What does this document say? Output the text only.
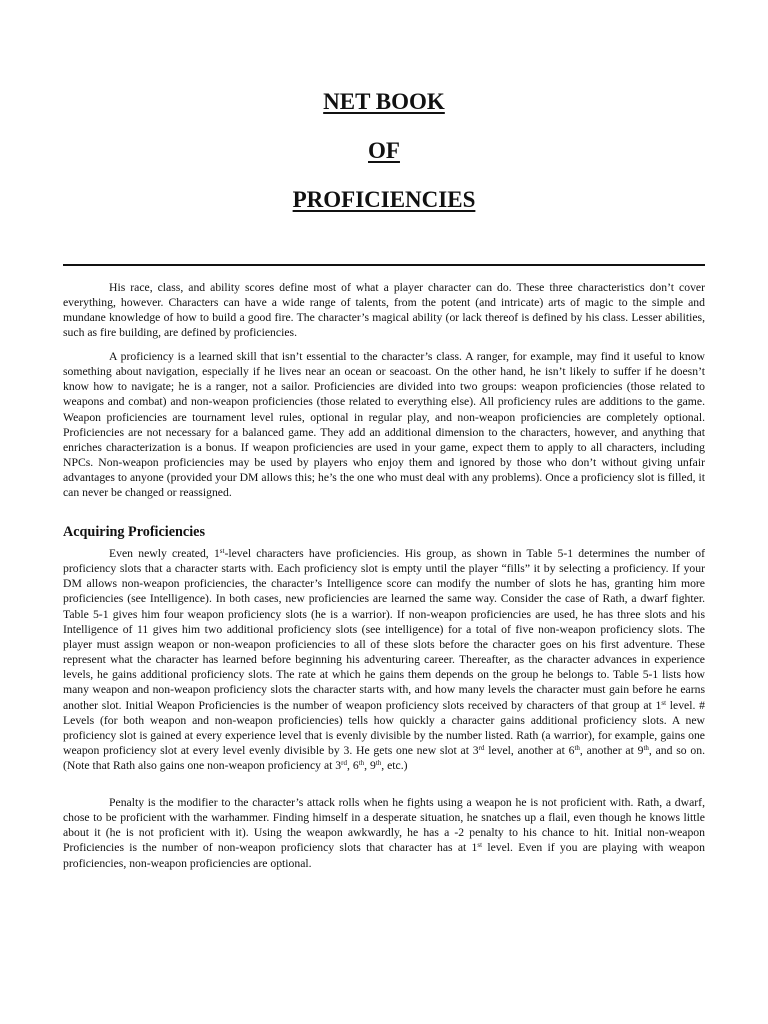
NET BOOK
OF
PROFICIENCIES

His race, class, and ability scores define most of what a player character can do. These three characteristics don’t cover everything, however. Characters can have a wide range of talents, from the potent (and intricate) arts of magic to the simple and mundane knowledge of how to build a good fire. The character’s magical ability (or lack thereof is defined by his class. Lesser abilities, such as fire building, are defined by proficiencies.

A proficiency is a learned skill that isn’t essential to the character’s class. A ranger, for example, may find it useful to know something about navigation, especially if he lives near an ocean or seacoast. On the other hand, he isn’t likely to suffer if he doesn’t know how to navigate; he is a ranger, not a sailor. Proficiencies are divided into two groups: weapon proficiencies (those related to weapons and combat) and non-weapon proficiencies (those related to everything else). All proficiency rules are additions to the game. Weapon proficiencies are tournament level rules, optional in regular play, and non-weapon proficiencies are completely optional. Proficiencies are not necessary for a balanced game. They add an additional dimension to the characters, however, and anything that enriches characterization is a bonus. If weapon proficiencies are used in your game, expect them to apply to all characters, including NPCs. Non-weapon proficiencies may be used by players who enjoy them and ignored by those who don’t without giving unfair advantages to anyone (provided your DM allows this; he’s the one who must deal with any problems). Once a proficiency slot is filled, it can never be changed or reassigned.

Acquiring Proficiencies

Even newly created, 1st-level characters have proficiencies. His group, as shown in Table 5-1 determines the number of proficiency slots that a character starts with. Each proficiency slot is empty until the player “fills” it by selecting a proficiency. If your DM allows non-weapon proficiencies, the character’s Intelligence score can modify the number of slots he has, granting him more proficiencies (see Intelligence). In both cases, new proficiencies are learned the same way. Consider the case of Rath, a dwarf fighter. Table 5-1 gives him four weapon proficiency slots (he is a warrior). If non-weapon proficiencies are used, he has three slots and his Intelligence of 11 gives him two additional proficiency slots (see intelligence) for a total of five non-weapon proficiency slots. The player must assign weapon or non-weapon proficiencies to all of these slots before the character goes on his first adventure. These represent what the character has learned before beginning his adventuring career. Thereafter, as the character advances in experience levels, he gains additional proficiency slots. The rate at which he gains them depends on the group he belongs to. Table 5-1 lists how many weapon and non-weapon proficiency slots the character starts with, and how many levels the character must gain before he earns another slot. Initial Weapon Proficiencies is the number of weapon proficiency slots received by characters of that group at 1st level. # Levels (for both weapon and non-weapon proficiencies) tells how quickly a character gains additional proficiency slots. A new proficiency slot is gained at every experience level that is evenly divisible by the number listed. Rath (a warrior), for example, gains one weapon proficiency slot at every level evenly divisible by 3. He gets one new slot at 3rd level, another at 6th, another at 9th, and so on. (Note that Rath also gains one non-weapon proficiency at 3rd, 6th, 9th, etc.)

Penalty is the modifier to the character’s attack rolls when he fights using a weapon he is not proficient with. Rath, a dwarf, chose to be proficient with the warhammer. Finding himself in a desperate situation, he snatches up a flail, even though he knows little about it (he is not proficient with it). Using the weapon awkwardly, he has a -2 penalty to his chance to hit. Initial non-weapon Proficiencies is the number of non-weapon proficiency slots that character has at 1st level. Even if you are playing with weapon proficiencies, non-weapon proficiencies are optional.
